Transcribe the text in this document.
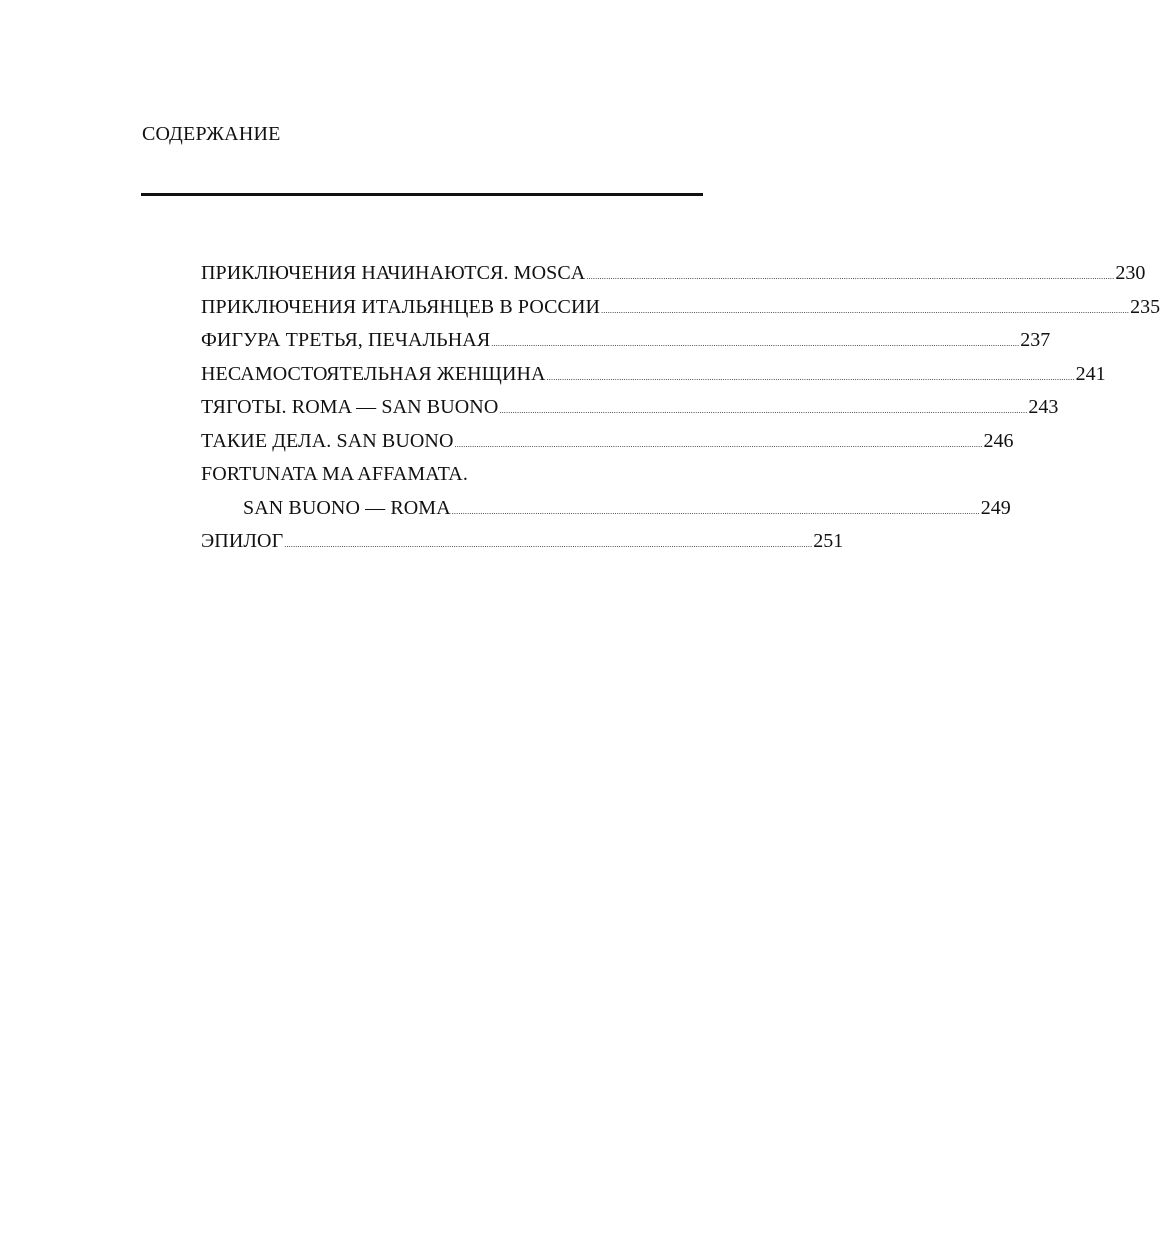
СОДЕРЖАНИЕ
ПРИКЛЮЧЕНИЯ НАЧИНАЮТСЯ. MOSCA ................................................................................................................................................................................................................................................ 230
ПРИКЛЮЧЕНИЯ ИТАЛЬЯНЦЕВ В РОССИИ ................................................................................................................................................................................................................................................ 235
ФИГУРА ТРЕТЬЯ, ПЕЧАЛЬНАЯ ................................................................................................................................................................................................................................................ 237
НЕСАМОСТОЯТЕЛЬНАЯ ЖЕНЩИНА ................................................................................................................................................................................................................................................ 241
ТЯГОТЫ. ROMA — SAN BUONO ................................................................................................................................................................................................................................................ 243
ТАКИЕ ДЕЛА. SAN BUONO ................................................................................................................................................................................................................................................ 246
FORTUNATA MA AFFAMATA.
SAN BUONO — ROMA ................................................................................................................................................................................................................................................ 249
ЭПИЛОГ ................................................................................................................................................................................................................................................ 251
